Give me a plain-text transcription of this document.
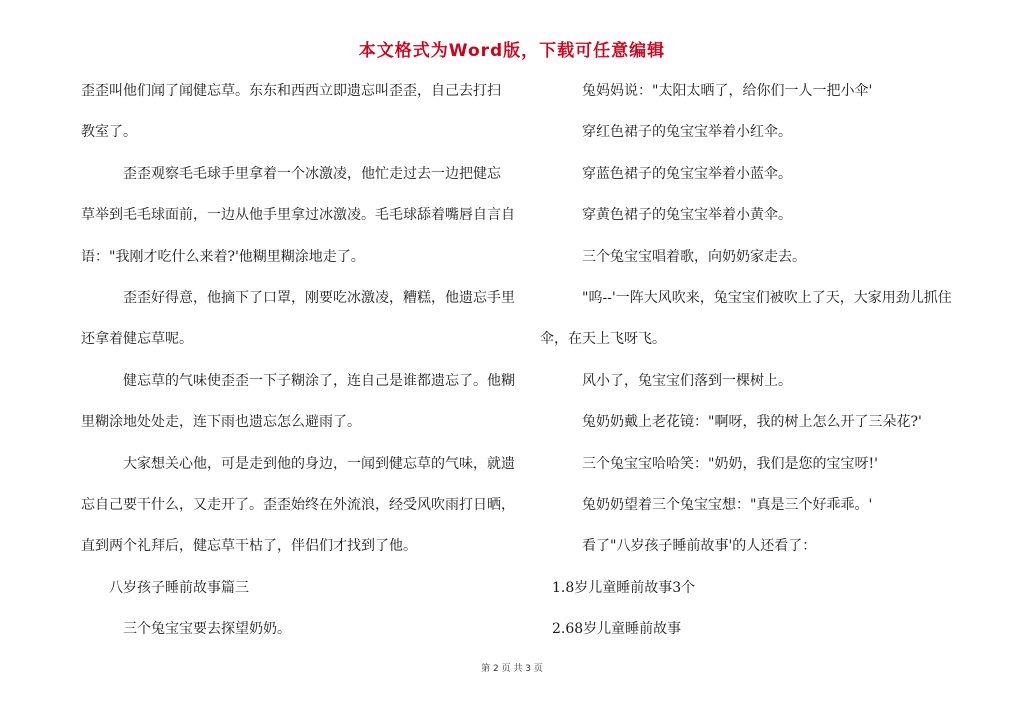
本文格式为Word版，下载可任意编辑
歪歪叫他们闻了闻健忘草。东东和西西立即遗忘叫歪歪，自己去打扫
教室了。
歪歪观察毛毛球手里拿着一个冰激凌，他忙走过去一边把健忘
草举到毛毛球面前，一边从他手里拿过冰激凌。毛毛球舔着嘴唇自言自
语："我刚才吃什么来着?'他糊里糊涂地走了。
歪歪好得意，他摘下了口罩，刚要吃冰激凌，糟糕，他遗忘手里
还拿着健忘草呢。
健忘草的气味使歪歪一下子糊涂了，连自己是谁都遗忘了。他糊
里糊涂地处处走，连下雨也遗忘怎么避雨了。
大家想关心他，可是走到他的身边，一闻到健忘草的气味，就遗
忘自己要干什么，又走开了。歪歪始终在外流浪，经受风吹雨打日晒，
直到两个礼拜后，健忘草干枯了，伴侣们才找到了他。
八岁孩子睡前故事篇三
三个兔宝宝要去探望奶奶。
兔妈妈说："太阳太晒了，给你们一人一把小伞'
穿红色裙子的兔宝宝举着小红伞。
穿蓝色裙子的兔宝宝举着小蓝伞。
穿黄色裙子的兔宝宝举着小黄伞。
三个兔宝宝唱着歌，向奶奶家走去。
"呜--'一阵大风吹来，兔宝宝们被吹上了天，大家用劲儿抓住
伞，在天上飞呀飞。
风小了，兔宝宝们落到一棵树上。
兔奶奶戴上老花镜："啊呀，我的树上怎么开了三朵花?'
三个兔宝宝哈哈笑："奶奶，我们是您的宝宝呀!'
兔奶奶望着三个兔宝宝想："真是三个好乖乖。'
看了"八岁孩子睡前故事'的人还看了：
1.8岁儿童睡前故事3个
2.68岁儿童睡前故事
第 2 页 共 3 页
